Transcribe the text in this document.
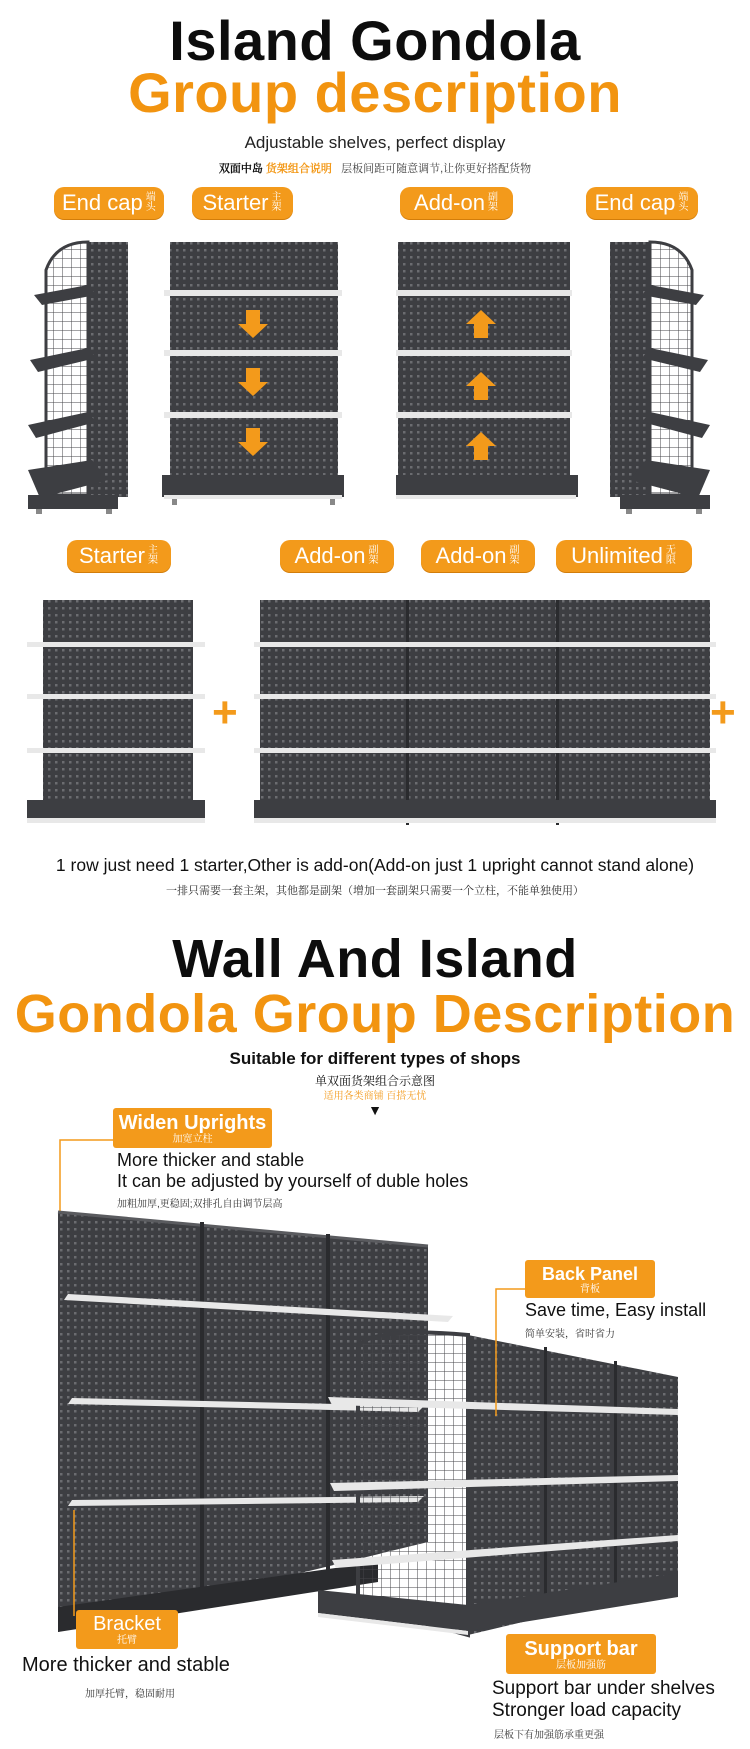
Island Gondola
Group description
Adjustable shelves, perfect display
双面中岛 货架组合说明 层板间距可随意调节,让你更好搭配货物
End cap 端头 Starter 主架	Add-on 副架	End cap 端头
Starter 主架	Add-on 副架	Add-on 副架 Unlimited 无限
+	+
1 row just need 1 starter,Other is add-on(Add-on just 1 upright cannot stand alone)
一排只需要一套主架，其他都是副架（增加一套副架只需要一个立柱，不能单独使用）
Wall And Island
Gondola Group Description
Suitable for different types of shops
单双面货架组合示意图
适用各类商铺 百搭无忧
▼
Widen Uprights
加宽立柱
More thicker and stable
It can be adjusted by yourself of duble holes
加粗加厚,更稳固;双排孔自由调节层高
Back Panel
背板
Save time, Easy install
简单安装，省时省力
Bracket
托臂
More thicker and stable
加厚托臂，稳固耐用
Support bar
层板加强筋
Support bar under shelves
Stronger load capacity
层板下有加强筋承重更强
